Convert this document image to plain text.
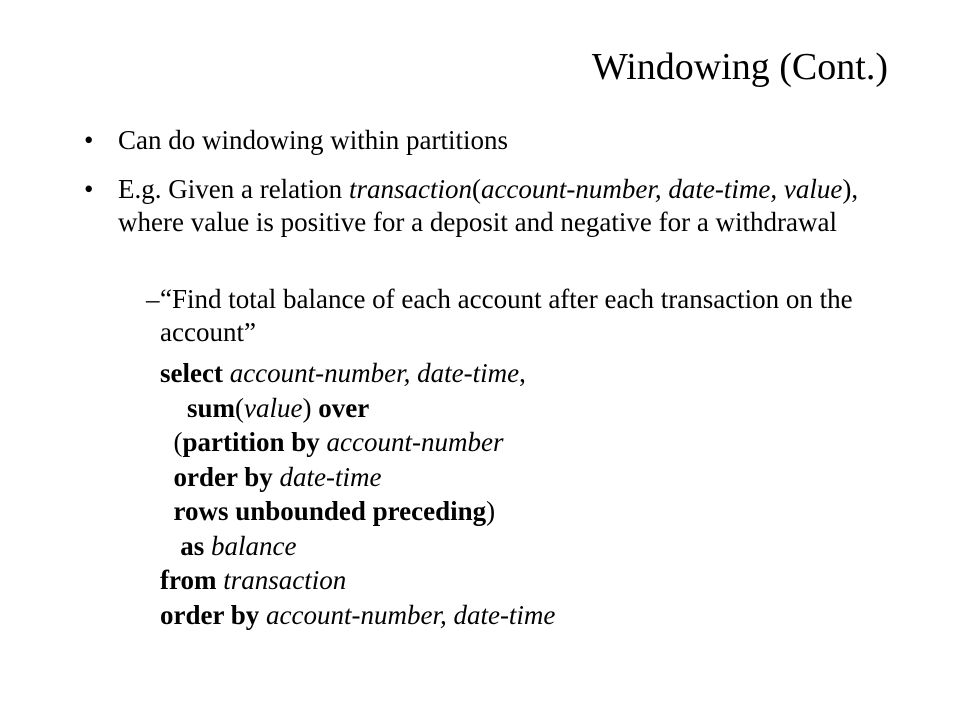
Windowing (Cont.)
• Can do windowing within partitions
• E.g. Given a relation transaction(account-number, date-time, value), where value is positive for a deposit and negative for a withdrawal
– “Find total balance of each account after each transaction on the account”
select account-number, date-time,
sum(value) over
(partition by account-number
order by date-time
rows unbounded preceding)
as balance
from transaction
order by account-number, date-time
